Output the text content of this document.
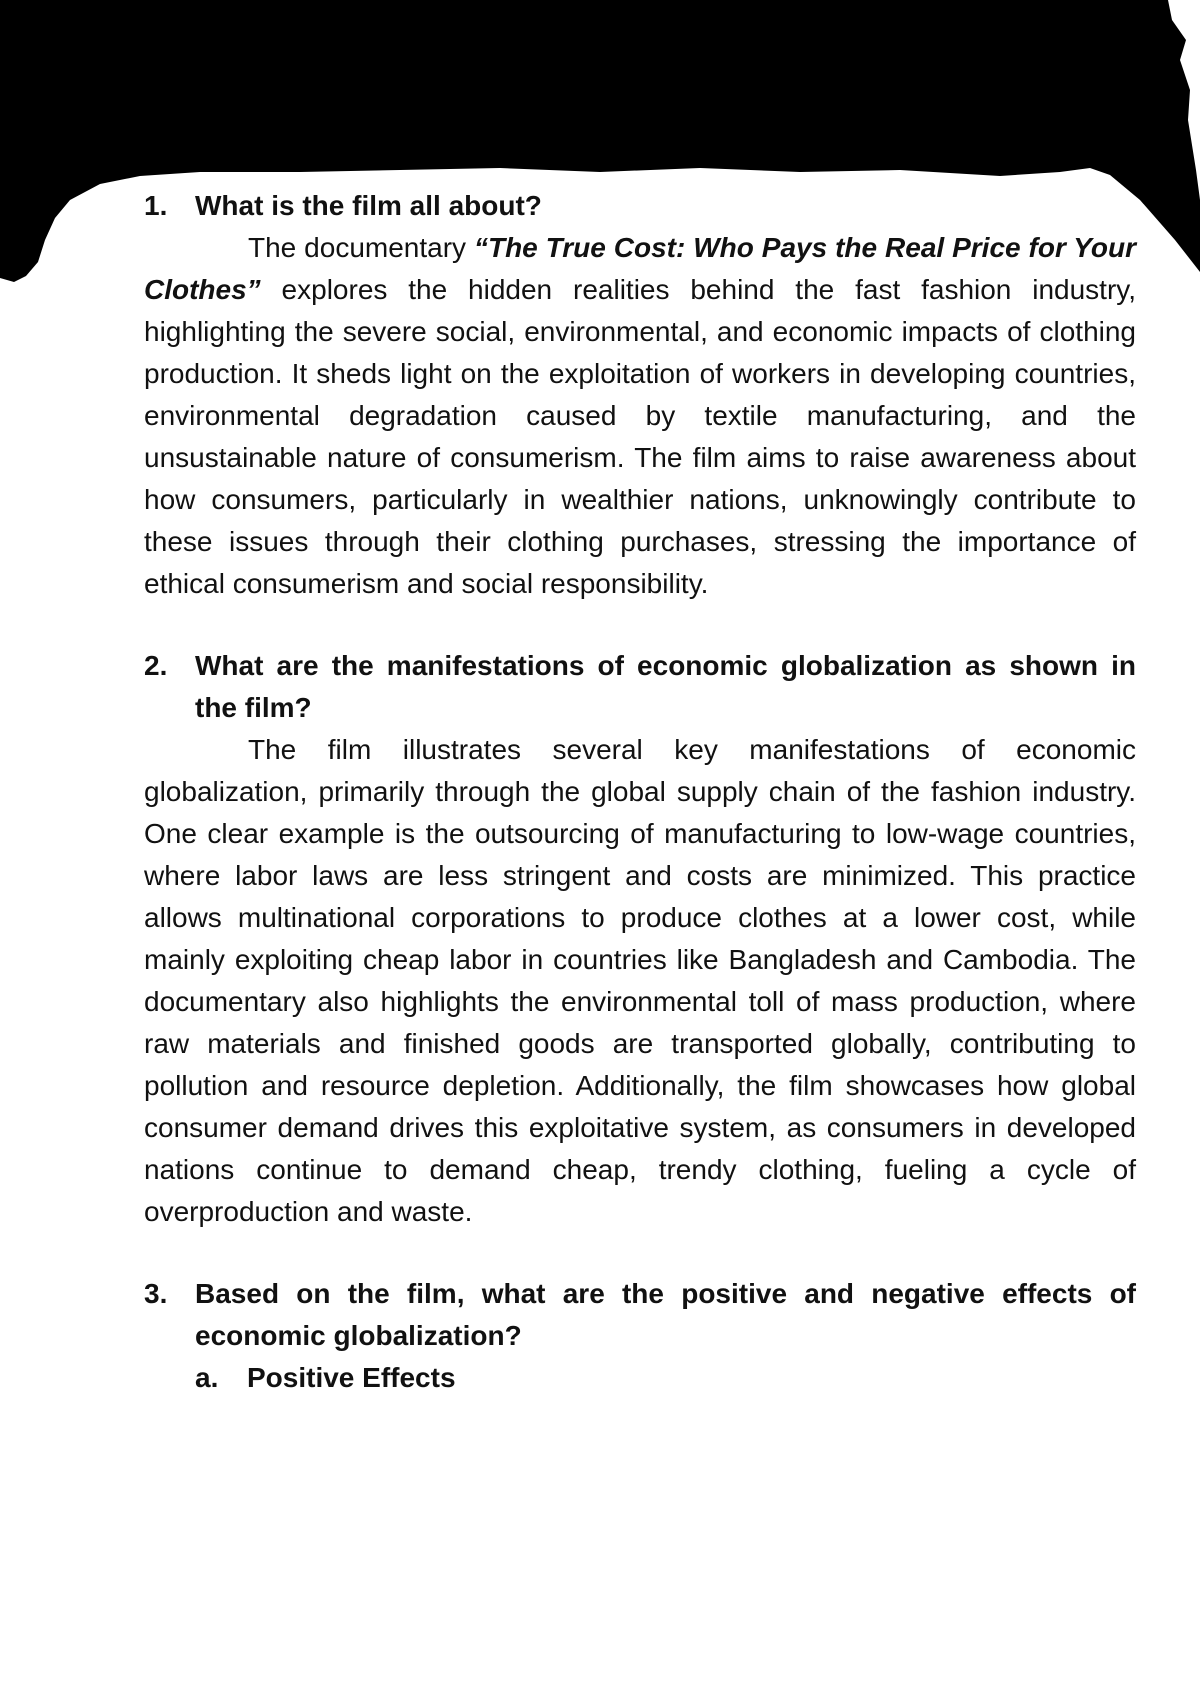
1. What is the film all about?

The documentary “The True Cost: Who Pays the Real Price for Your Clothes” explores the hidden realities behind the fast fashion industry, highlighting the severe social, environmental, and economic impacts of clothing production. It sheds light on the exploitation of workers in developing countries, environmental degradation caused by textile manufacturing, and the unsustainable nature of consumerism. The film aims to raise awareness about how consumers, particularly in wealthier nations, unknowingly contribute to these issues through their clothing purchases, stressing the importance of ethical consumerism and social responsibility.

2. What are the manifestations of economic globalization as shown in the film?

The film illustrates several key manifestations of economic globalization, primarily through the global supply chain of the fashion industry. One clear example is the outsourcing of manufacturing to low-wage countries, where labor laws are less stringent and costs are minimized. This practice allows multinational corporations to produce clothes at a lower cost, while mainly exploiting cheap labor in countries like Bangladesh and Cambodia. The documentary also highlights the environmental toll of mass production, where raw materials and finished goods are transported globally, contributing to pollution and resource depletion. Additionally, the film showcases how global consumer demand drives this exploitative system, as consumers in developed nations continue to demand cheap, trendy clothing, fueling a cycle of overproduction and waste.

3. Based on the film, what are the positive and negative effects of economic globalization?
a.	Positive Effects
